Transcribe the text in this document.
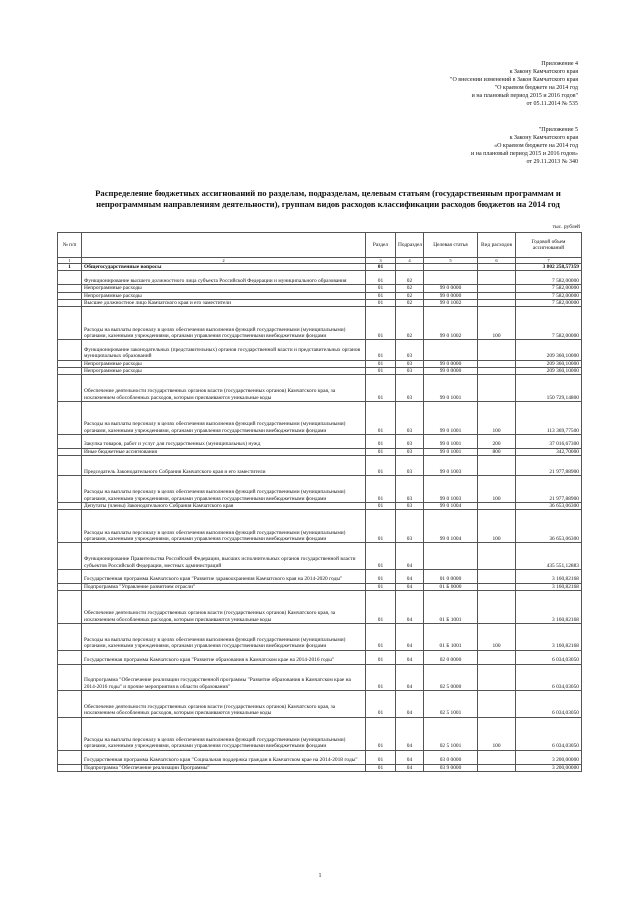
Приложение 4
к Закону Камчатского края
"О внесении изменений в Закон Камчатского края
"О краевом бюджете на 2014 год
и на плановый период 2015 и 2016 годов"
от 05.11.2014 № 535
"Приложение 5
к Закону Камчатского края
«О краевом бюджете на 2014 год
и на плановый период 2015 и 2016 годов»
от 29.11.2013 № 340
Распределение бюджетных ассигнований по разделам, подразделам, целевым статьям (государственным программам и непрограммным направлениям деятельности), группам видов расходов классификации расходов бюджетов на 2014 год
тыс. рублей
№ п/п		Раздел	Подраздел	Целевая статья	Вид расходов	Годовой объем ассигнований
1	2	3	4	5	6	7
1	Общегосударственные вопросы	01				3 802 258,57359
	Функционирование высшего должностного лица субъекта Российской Федерации и муниципального образования	01	02			7 582,00000
	Непрограммные расходы	01	02	99 0 0000		7 582,00000
	Непрограммные расходы	01	02	99 0 0000		7 582,00000
	Высшее должностное лицо Камчатского края и его заместители	01	02	99 0 1002		7 582,00000
	Расходы на выплаты персоналу в целях обеспечения выполнения функций государственными (муниципальными) органами, казенными учреждениями, органами управления государственными внебюджетными фондами	01	02	99 0 1002	100	7 582,00000
	Функционирование законодательных (представительных) органов государственной власти и представительных органов муниципальных образований	01	03			209 360,10000
	Непрограммные расходы	01	03	99 0 0000		209 360,10000
	Непрограммные расходы	01	03	99 0 0000		209 360,10000
	Обеспечение деятельности государственных органов власти (государственных органов) Камчатского края, за исключением обособленных расходов, которым присваиваются уникальные коды	01	03	99 0 1001		150 729,14800
	Расходы на выплаты персоналу в целях обеспечения выполнения функций государственными (муниципальными) органами, казенными учреждениями, органами управления государственными внебюджетными фондами	01	03	99 0 1001	100	113 369,77500
	Закупка товаров, работ и услуг для государственных (муниципальных) нужд	01	03	99 0 1001	200	37 016,67300
	Иные бюджетные ассигнования	01	03	99 0 1001	800	342,70000
	Председатель Законодательного Собрания Камчатского края и его заместители	01	03	99 0 1003		21 977,88900
	Расходы на выплаты персоналу в целях обеспечения выполнения функций государственными (муниципальными) органами, казенными учреждениями, органами управления государственными внебюджетными фондами	01	03	99 0 1003	100	21 977,88900
	Депутаты (члены) Законодательного Собрания Камчатского края	01	03	99 0 1004		36 653,06300
	Расходы на выплаты персоналу в целях обеспечения выполнения функций государственными (муниципальными) органами, казенными учреждениями, органами управления государственными внебюджетными фондами	01	03	99 0 1004	100	36 653,06300
	Функционирование Правительства Российской Федерации, высших исполнительных органов государственной власти субъектов Российской Федерации, местных администраций	01	04			435 551,12883
	Государственная программа Камчатского края "Развитие здравоохранения Камчатского края на 2014-2020 годы"	01	04	01 0 0000		3 160,82168
	Подпрограмма "Управление развитием отрасли"	01	04	01 Б 0000		3 160,82168
	Обеспечение деятельности государственных органов власти (государственных органов) Камчатского края, за исключением обособленных расходов, которым присваиваются уникальные коды	01	04	01 Б 1001		3 160,82168
	Расходы на выплаты персоналу в целях обеспечения выполнения функций государственными (муниципальными) органами, казенными учреждениями, органами управления государственными внебюджетными фондами	01	04	01 Б 1001	100	3 160,82168
	Государственная программа Камчатского края "Развитие образования в Камчатском крае на 2014-2016 годы"	01	04	02 0 0000		6 034,03050
	Подпрограмма "Обеспечение реализации государственной программы "Развитие образования в Камчатском крае на 2014-2016 годы" и прочие мероприятия в области образования"	01	04	02 5 0000		6 034,03050
	Обеспечение деятельности государственных органов власти (государственных органов) Камчатского края, за исключением обособленных расходов, которым присваиваются уникальные коды	01	04	02 5 1001		6 034,03050
	Расходы на выплаты персоналу в целях обеспечения выполнения функций государственными (муниципальными) органами, казенными учреждениями, органами управления государственными внебюджетными фондами	01	04	02 5 1001	100	6 034,03050
	Государственная программа Камчатского края "Социальная поддержка граждан в Камчатском крае на 2014-2018 годы"	01	04	03 0 0000		3 200,00000
	Подпрограмма "Обеспечение реализации Программы"	01	04	03 9 0000		3 200,00000
1
